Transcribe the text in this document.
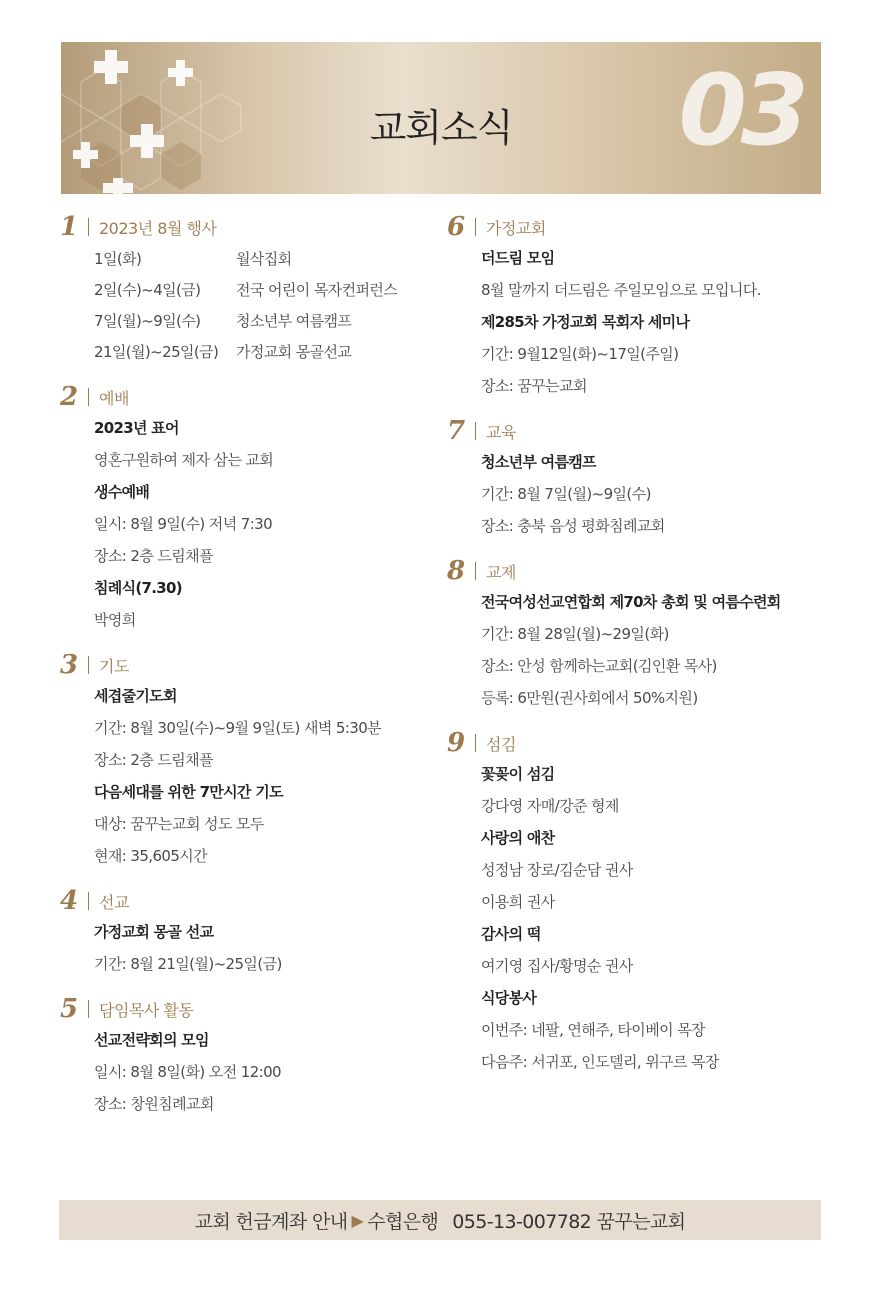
교회소식	03
1	2023년 8월 행사
1일(화)	월삭집회
2일(수)~4일(금)	전국 어린이 목자컨퍼런스
7일(월)~9일(수)	청소년부 여름캠프
21일(월)~25일(금)	가정교회 몽골선교
2	예배
2023년 표어
영혼구원하여 제자 삼는 교회
생수예배
일시: 8월 9일(수) 저녁 7:30
장소: 2층 드림채플
침례식(7.30)
박영희
3	기도
세겹줄기도회
기간: 8월 30일(수)~9월 9일(토) 새벽 5:30분
장소: 2층 드림채플
다음세대를 위한 7만시간 기도
대상: 꿈꾸는교회 성도 모두
현재: 35,605시간
4	선교
가정교회 몽골 선교
기간: 8월 21일(월)~25일(금)
5	담임목사 활동
선교전략회의 모임
일시: 8월 8일(화) 오전 12:00
장소: 창원침례교회
6	가정교회
더드림 모임
8월 말까지 더드림은 주일모임으로 모입니다.
제285차 가정교회 목회자 세미나
기간: 9월12일(화)~17일(주일)
장소: 꿈꾸는교회
7	교육
청소년부 여름캠프
기간: 8월 7일(월)~9일(수)
장소: 충북 음성 평화침례교회
8	교제
전국여성선교연합회 제70차 총회 및 여름수련회
기간: 8월 28일(월)~29일(화)
장소: 안성 함께하는교회(김인환 목사)
등록: 6만원(권사회에서 50%지원)
9	섬김
꽃꽂이 섬김
강다영 자매/강준 형제
사랑의 애찬
성정남 장로/김순담 권사
이용희 권사
감사의 떡
여기영 집사/황명순 권사
식당봉사
이번주: 네팔, 연해주, 타이베이 목장
다음주: 서귀포, 인도델리, 위구르 목장
교회 헌금계좌 안내 ▶ 수협은행 055-13-007782 꿈꾸는교회
